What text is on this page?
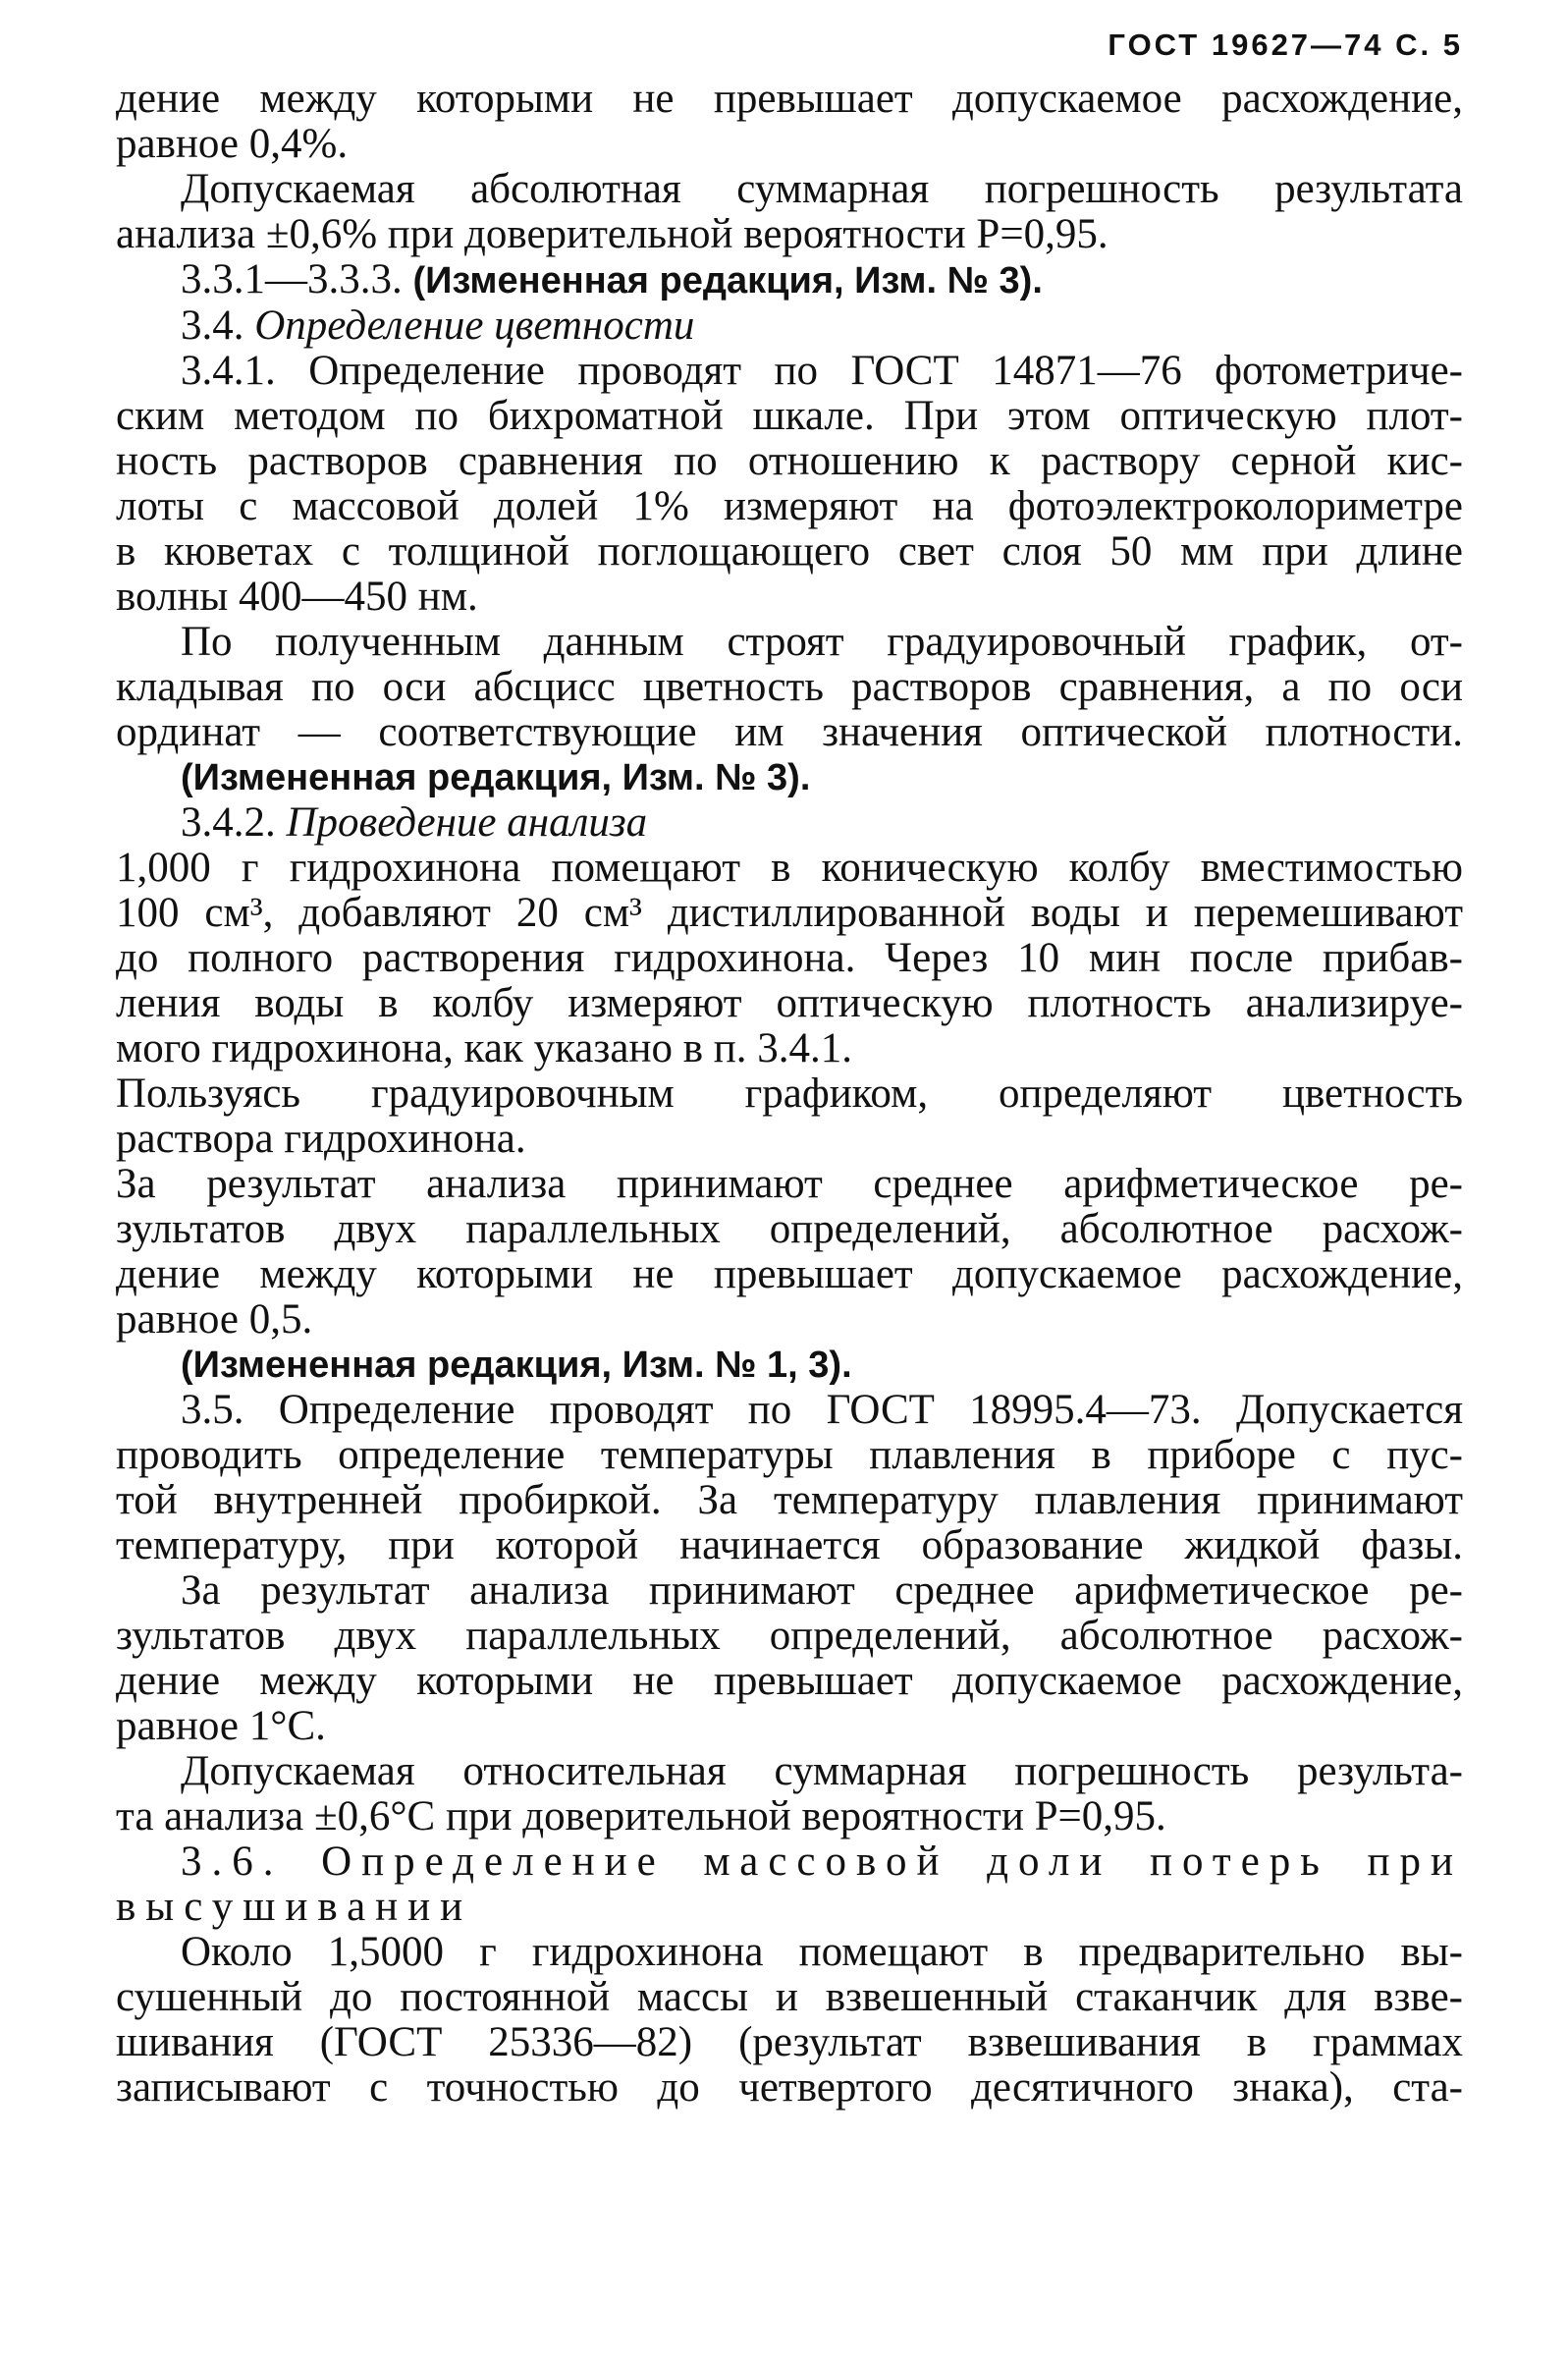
ГОСТ 19627—74 С. 5
дение между которыми не превышает допускаемое расхождение,
равное 0,4%.
Допускаемая абсолютная суммарная погрешность результата
анализа ±0,6% при доверительной вероятности Р=0,95.
3.3.1—3.3.3. (Измененная редакция, Изм. № 3).
3.4. Определение цветности
3.4.1. Определение проводят по ГОСТ 14871—76 фотометриче-
ским методом по бихроматной шкале. При этом оптическую плот-
ность растворов сравнения по отношению к раствору серной кис-
лоты с массовой долей 1% измеряют на фотоэлектроколориметре
в кюветах с толщиной поглощающего свет слоя 50 мм при длине
волны 400—450 нм.
По полученным данным строят градуировочный график, от-
кладывая по оси абсцисс цветность растворов сравнения, а по оси
ординат — соответствующие им значения оптической плотности.
(Измененная редакция, Изм. № 3).
3.4.2. Проведение анализа
1,000 г гидрохинона помещают в коническую колбу вместимостью
100 см³, добавляют 20 см³ дистиллированной воды и перемешивают
до полного растворения гидрохинона. Через 10 мин после прибав-
ления воды в колбу измеряют оптическую плотность анализируе-
мого гидрохинона, как указано в п. 3.4.1.
Пользуясь градуировочным графиком, определяют цветность
раствора гидрохинона.
За результат анализа принимают среднее арифметическое ре-
зультатов двух параллельных определений, абсолютное расхож-
дение между которыми не превышает допускаемое расхождение,
равное 0,5.
(Измененная редакция, Изм. № 1, 3).
3.5. Определение проводят по ГОСТ 18995.4—73. Допускается
проводить определение температуры плавления в приборе с пус-
той внутренней пробиркой. За температуру плавления принимают
температуру, при которой начинается образование жидкой фазы.
За результат анализа принимают среднее арифметическое ре-
зультатов двух параллельных определений, абсолютное расхож-
дение между которыми не превышает допускаемое расхождение,
равное 1°C.
Допускаемая относительная суммарная погрешность результа-
та анализа ±0,6°C при доверительной вероятности Р=0,95.
3.6. Определение массовой доли потерь при
высушивании
Около 1,5000 г гидрохинона помещают в предварительно вы-
сушенный до постоянной массы и взвешенный стаканчик для взве-
шивания (ГОСТ 25336—82) (результат взвешивания в граммах
записывают с точностью до четвертого десятичного знака), ста-
